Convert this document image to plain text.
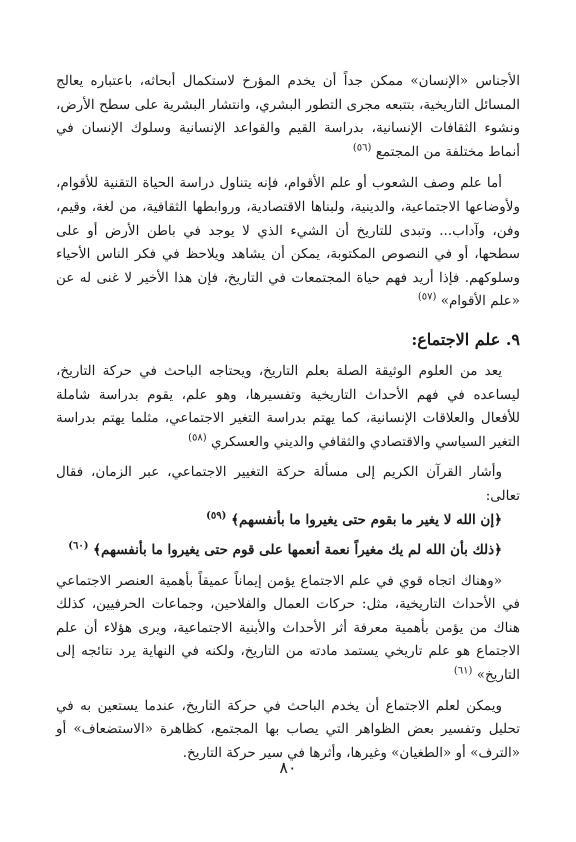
الأجناس «الإنسان» ممكن جداً أن يخدم المؤرخ لاستكمال أبحاثه، باعتباره يعالج المسائل التاريخية، بتتبعه مجرى التطور البشري، وانتشار البشرية على سطح الأرض، ونشوء الثقافات الإنسانية، بدراسة القيم والقواعد الإنسانية وسلوك الإنسان في أنماط مختلفة من المجتمع $^{(٥٦)}$

أما علم وصف الشعوب أو علم الأقوام، فإنه يتناول دراسة الحياة التقنية للأقوام، ولأوضاعها الاجتماعية، والدينية، ولبناها الاقتصادية، وروابطها الثقافية، من لغة، وقيم، وفن، وآداب... وتبدى للتاريخ أن الشيء الذي لا يوجد في باطن الأرض أو على سطحها، أو في النصوص المكتوبة، يمكن أن يشاهد ويلاحظ في فكر الناس الأحياء وسلوكهم. فإذا أريد فهم حياة المجتمعات في التاريخ، فإن هذا الأخير لا غنى له عن «علم الأقوام» $^{(٥٧)}$

٩. علم الاجتماع:

يعد من العلوم الوثيقة الصلة بعلم التاريخ، ويحتاجه الباحث في حركة التاريخ، ليساعده في فهم الأحداث التاريخية وتفسيرها، وهو علم، يقوم بدراسة شاملة للأفعال والعلاقات الإنسانية، كما يهتم بدراسة التغير الاجتماعي، مثلما يهتم بدراسة التغير السياسي والاقتصادي والثقافي والديني والعسكري $^{(٥٨)}$

وأشار القرآن الكريم إلى مسألة حركة التغيير الاجتماعي، عبر الزمان، فقال تعالى:

﴿إن الله لا يغير ما بقوم حتى يغيروا ما بأنفسهم﴾ $^{(٥٩)}$

﴿ذلك بأن الله لم يك مغيراً نعمة أنعمها على قوم حتى يغيروا ما بأنفسهم﴾ $^{(٦٠)}$

«وهناك اتجاه قوي في علم الاجتماع يؤمن إيماناً عميقاً بأهمية العنصر الاجتماعي في الأحداث التاريخية، مثل: حركات العمال والفلاحين، وجماعات الحرفيين، كذلك هناك من يؤمن بأهمية معرفة أثر الأحداث والأبنية الاجتماعية، ويرى هؤلاء أن علم الاجتماع هو علم تاريخي يستمد مادته من التاريخ، ولكنه في النهاية يرد نتائجه إلى التاريخ» $^{(٦١)}$

ويمكن لعلم الاجتماع أن يخدم الباحث في حركة التاريخ، عندما يستعين به في تحليل وتفسير بعض الظواهر التي يصاب بها المجتمع، كظاهرة «الاستضعاف» أو «الترف» أو «الطغيان» وغيرها، وأثرها في سير حركة التاريخ.

٨٠
